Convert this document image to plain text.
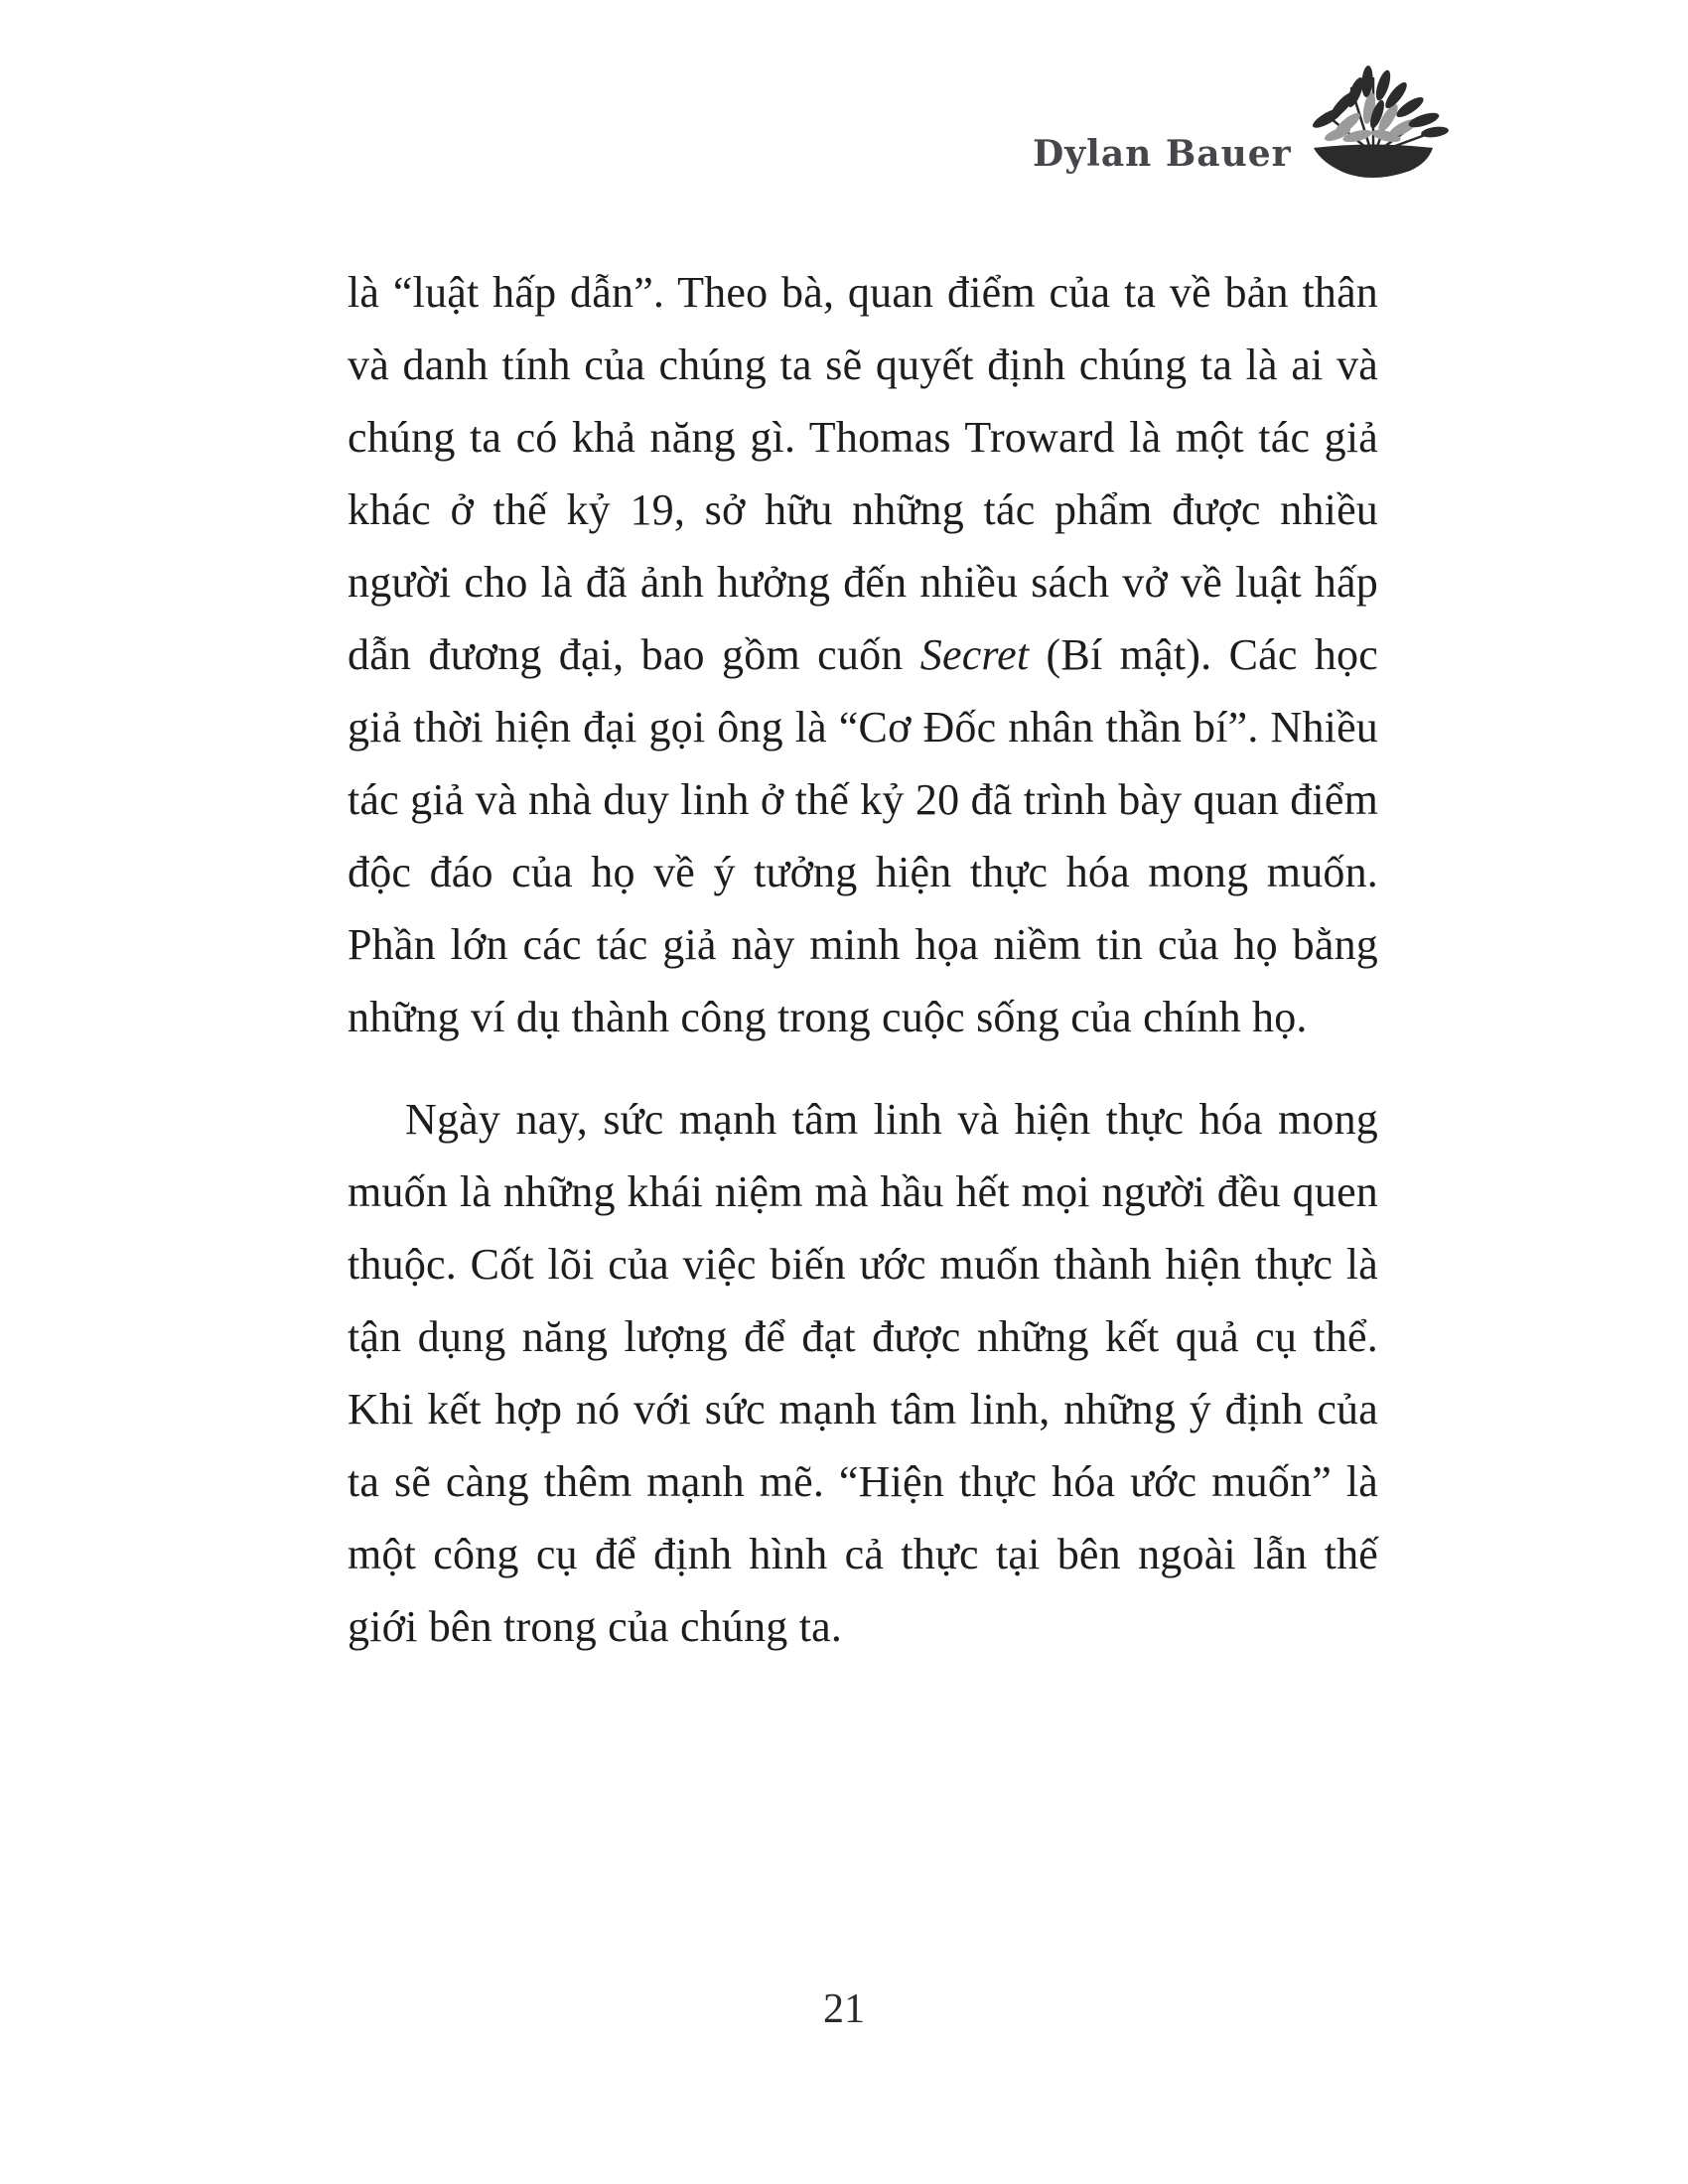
Dylan Bauer

là “luật hấp dẫn”. Theo bà, quan điểm của ta về bản thân và danh tính của chúng ta sẽ quyết định chúng ta là ai và chúng ta có khả năng gì. Thomas Troward là một tác giả khác ở thế kỷ 19, sở hữu những tác phẩm được nhiều người cho là đã ảnh hưởng đến nhiều sách vở về luật hấp dẫn đương đại, bao gồm cuốn Secret (Bí mật). Các học giả thời hiện đại gọi ông là “Cơ Đốc nhân thần bí”. Nhiều tác giả và nhà duy linh ở thế kỷ 20 đã trình bày quan điểm độc đáo của họ về ý tưởng hiện thực hóa mong muốn. Phần lớn các tác giả này minh họa niềm tin của họ bằng những ví dụ thành công trong cuộc sống của chính họ.

Ngày nay, sức mạnh tâm linh và hiện thực hóa mong muốn là những khái niệm mà hầu hết mọi người đều quen thuộc. Cốt lõi của việc biến ước muốn thành hiện thực là tận dụng năng lượng để đạt được những kết quả cụ thể. Khi kết hợp nó với sức mạnh tâm linh, những ý định của ta sẽ càng thêm mạnh mẽ. “Hiện thực hóa ước muốn” là một công cụ để định hình cả thực tại bên ngoài lẫn thế giới bên trong của chúng ta.

21
